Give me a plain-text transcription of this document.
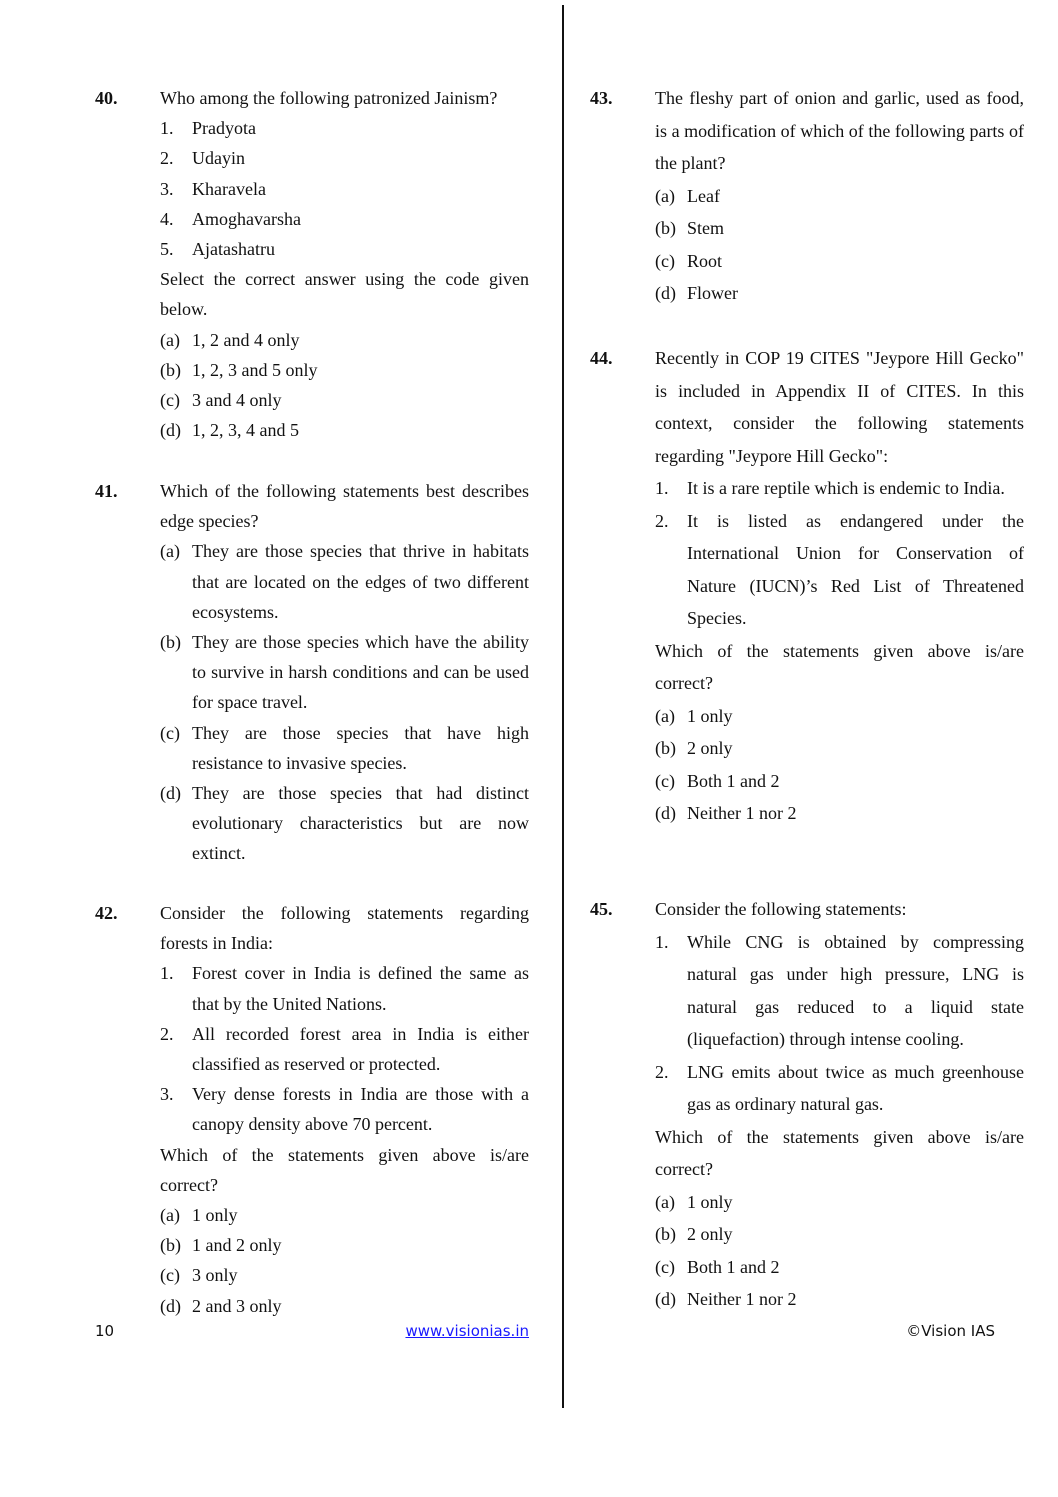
40. Who among the following patronized Jainism?
1. Pradyota
2. Udayin
3. Kharavela
4. Amoghavarsha
5. Ajatashatru
Select the correct answer using the code given below.
(a) 1, 2 and 4 only
(b) 1, 2, 3 and 5 only
(c) 3 and 4 only
(d) 1, 2, 3, 4 and 5
41. Which of the following statements best describes edge species?
(a) They are those species that thrive in habitats that are located on the edges of two different ecosystems.
(b) They are those species which have the ability to survive in harsh conditions and can be used for space travel.
(c) They are those species that have high resistance to invasive species.
(d) They are those species that had distinct evolutionary characteristics but are now extinct.
42. Consider the following statements regarding forests in India:
1. Forest cover in India is defined the same as that by the United Nations.
2. All recorded forest area in India is either classified as reserved or protected.
3. Very dense forests in India are those with a canopy density above 70 percent.
Which of the statements given above is/are correct?
(a) 1 only
(b) 1 and 2 only
(c) 3 only
(d) 2 and 3 only
43. The fleshy part of onion and garlic, used as food, is a modification of which of the following parts of the plant?
(a) Leaf
(b) Stem
(c) Root
(d) Flower
44. Recently in COP 19 CITES "Jeypore Hill Gecko" is included in Appendix II of CITES. In this context, consider the following statements regarding "Jeypore Hill Gecko":
1. It is a rare reptile which is endemic to India.
2. It is listed as endangered under the International Union for Conservation of Nature (IUCN)’s Red List of Threatened Species.
Which of the statements given above is/are correct?
(a) 1 only
(b) 2 only
(c) Both 1 and 2
(d) Neither 1 nor 2
45. Consider the following statements:
1. While CNG is obtained by compressing natural gas under high pressure, LNG is natural gas reduced to a liquid state (liquefaction) through intense cooling.
2. LNG emits about twice as much greenhouse gas as ordinary natural gas.
Which of the statements given above is/are correct?
(a) 1 only
(b) 2 only
(c) Both 1 and 2
(d) Neither 1 nor 2
10	www.visionias.in	©Vision IAS
